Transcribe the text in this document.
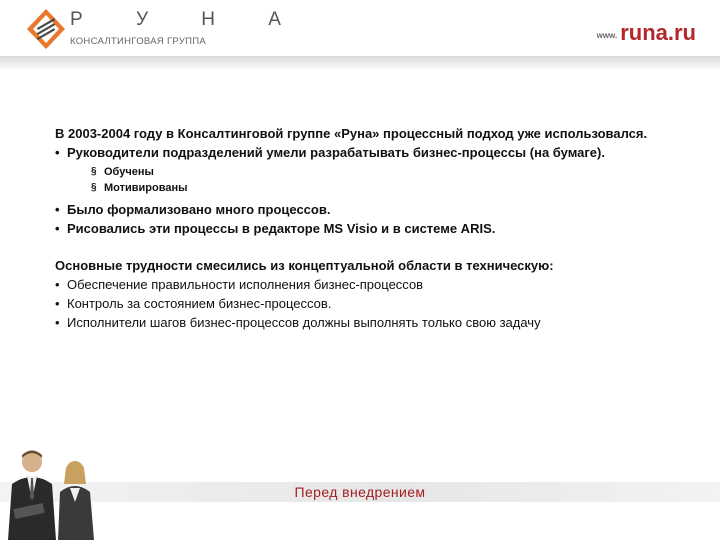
Р У Н А
КОНСАЛТИНГОВАЯ ГРУППА
www. runa.ru
В 2003-2004 году в Консалтинговой группе «Руна» процессный подход уже использовался.
• Руководители подразделений умели разрабатывать бизнес-процессы (на бумаге).
§ Обучены
§ Мотивированы
• Было формализовано много процессов.
• Рисовались эти процессы в редакторе MS Visio и в системе ARIS.
Основные трудности смесились из концептуальной области в техническую:
• Обеспечение правильности исполнения бизнес-процессов
• Контроль за состоянием бизнес-процессов.
• Исполнители шагов бизнес-процессов должны выполнять только свою задачу
Перед внедрением
